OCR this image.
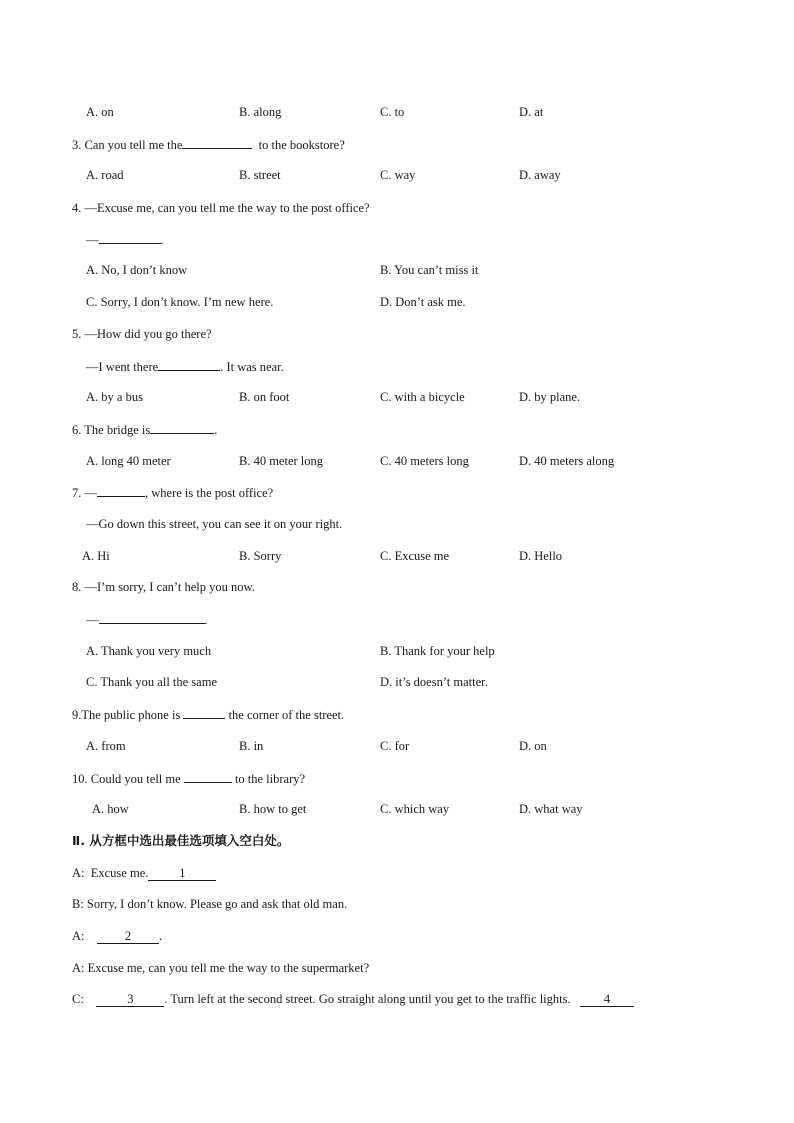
A. on	B. along	C. to	D. at
3. Can you tell me the	to the bookstore?
A. road	B. street	C. way	D. away
4. —Excuse me, can you tell me the way to the post office?
—	.
A. No, I don’t know	B. You can’t miss it
C. Sorry, I don’t know. I’m new here.	D. Don’t ask me.
5. —How did you go there?
—I went there	. It was near.
A. by a bus	B. on foot	C. with a bicycle	D. by plane.
6. The bridge is	.
A. long 40 meter	B. 40 meter long	C. 40 meters long	D. 40 meters along
7. —	, where is the post office?
—Go down this street, you can see it on your right.
A. Hi	B. Sorry	C. Excuse me	D. Hello
8. —I’m sorry, I can’t help you now.
—	.
A. Thank you very much	B. Thank for your help
C. Thank you all the same	D. it’s doesn’t matter.
9.The public phone is	the corner of the street.
A. from	B. in	C. for	D. on
10. Could you tell me	to the library?
A. how	B. how to get	C. which way	D. what way
Ⅱ. 从方框中选出最佳选项填入空白处。
A: Excuse me. 1
B: Sorry, I don’t know. Please go and ask that old man.
A:	2 .
A: Excuse me, can you tell me the way to the supermarket?
C:	3 . Turn left at the second street. Go straight along until you get to the traffic lights.	4
